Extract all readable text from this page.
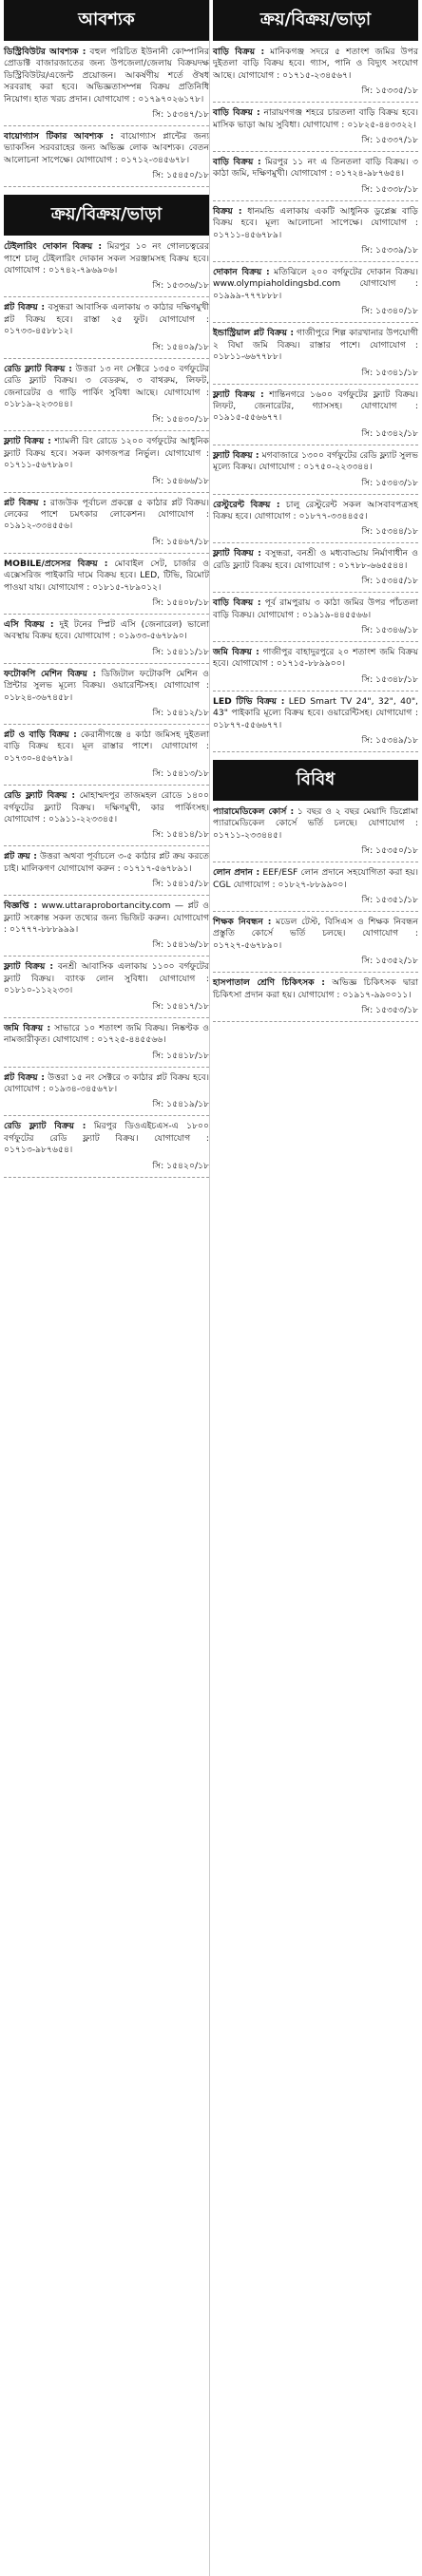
আবশ্যক

ডিস্ট্রিবিউটর আবশ্যক : বহুল পরিচিত ইউনানী কোম্পানির প্রোডাক্ট বাজারজাতের জন্য উপজেলা/জেলায় বিক্রয়দক্ষ ডিস্ট্রিবিউটর/এজেন্ট প্রয়োজন। আকর্ষণীয় শর্তে ঔষধ সরবরাহ করা হবে। অভিজ্ঞতাসম্পন্ন বিক্রয় প্রতিনিধি নিয়োগ। হাত খরচ প্রদান। যোগাযোগ : ০১৭৯৭০২৬১৭৮।

সি: ১৫৩৪৭/১৮

বায়োগ্যাস টিকার আবশ্যক : বায়োগ্যাস প্লান্টের জন্য ভ্যাকসিন সরবরাহের জন্য অভিজ্ঞ লোক আবশ্যক। বেতন আলোচনা সাপেক্ষে। যোগাযোগ : ০১৭১২-৩৪৫৬৭৮।

সি: ১৫৪৫০/১৮
ক্রয়/বিক্রয়/ভাড়া

টেইলারিং দোকান বিক্রয় : মিরপুর ১০ নং গোলচত্বরের পাশে চালু টেইলারিং দোকান সকল সরঞ্জামসহ বিক্রয় হবে। যোগাযোগ : ০১৭৪২-৭৯৬৯০৬।

সি: ১৫৩৩৬/১৮

প্লট বিক্রয় : বসুন্ধরা আবাসিক এলাকায় ৩ কাঠার দক্ষিণমুখী প্লট বিক্রয় হবে। রাস্তা ২৫ ফুট। যোগাযোগ : ০১৭৩৩-৪৫৮৮১২।

সি: ১৫৪০৯/১৮

রেডি ফ্ল্যাট বিক্রয় : উত্তরা ১৩ নং সেক্টরে ১৩৫০ বর্গফুটের রেডি ফ্ল্যাট বিক্রয়। ৩ বেডরুম, ৩ বাথরুম, লিফট, জেনারেটর ও গাড়ি পার্কিং সুবিধা আছে। যোগাযোগ : ০১৮১৯-২২৩৩৪৪।

সি: ১৫৪৩০/১৮

ফ্ল্যাট বিক্রয় : শ্যামলী রিং রোডে ১২০০ বর্গফুটের আধুনিক ফ্ল্যাট বিক্রয় হবে। সকল কাগজপত্র নির্ভুল। যোগাযোগ : ০১৭১১-৫৬৭৮৯০।

সি: ১৫৪৬৬/১৮

প্লট বিক্রয় : রাজউক পূর্বাচল প্রকল্পে ৫ কাঠার প্লট বিক্রয়। লেকের পাশে চমৎকার লোকেশন। যোগাযোগ : ০১৯১২-৩৩৪৫৫৬।

সি: ১৫৪৬৭/১৮

MOBILE/প্রসেসর বিক্রয় : মোবাইল সেট, চার্জার ও এক্সেসরিজ পাইকারি দামে বিক্রয় হবে। LED, টিভি, রিমোট পাওয়া যায়। যোগাযোগ : ০১৮১৫-৭৮৯০১২।

সি: ১৫৪০৮/১৮

এসি বিক্রয় : দুই টনের স্প্লিট এসি (জেনারেল) ভালো অবস্থায় বিক্রয় হবে। যোগাযোগ : ০১৯৩৩-৫৬৭৮৯০।

সি: ১৫৪১১/১৮

ফটোকপি মেশিন বিক্রয় : ডিজিটাল ফটোকপি মেশিন ও প্রিন্টার সুলভ মূল্যে বিক্রয়। ওয়ারেন্টিসহ। যোগাযোগ : ০১৮২৪-৩৬৭৪৫৮।

সি: ১৫৪১২/১৮

প্লট ও বাড়ি বিক্রয় : কেরানীগঞ্জে ৪ কাঠা জমিসহ দুইতলা বাড়ি বিক্রয় হবে। মূল রাস্তার পাশে। যোগাযোগ : ০১৭৩০-৪৫৬৭৮৯।

সি: ১৫৪১৩/১৮

রেডি ফ্ল্যাট বিক্রয় : মোহাম্মদপুর তাজমহল রোডে ১৪০০ বর্গফুটের ফ্ল্যাট বিক্রয়। দক্ষিণমুখী, কার পার্কিংসহ। যোগাযোগ : ০১৯১১-২২৩৩৪৫।

সি: ১৫৪১৪/১৮

প্লট ক্রয় : উত্তরা অথবা পূর্বাচলে ৩-৫ কাঠার প্লট ক্রয় করতে চাই। মালিকগণ যোগাযোগ করুন : ০১৭১৭-৫৬৭৮৯১।

সি: ১৫৪১৫/১৮

বিজ্ঞপ্তি : www.uttaraprobortancity.com — প্লট ও ফ্ল্যাট সংক্রান্ত সকল তথ্যের জন্য ভিজিট করুন। যোগাযোগ : ০১৭৭৭-৮৮৮৯৯৯।

সি: ১৫৪১৬/১৮

ফ্ল্যাট বিক্রয় : বনশ্রী আবাসিক এলাকায় ১১০০ বর্গফুটের ফ্ল্যাট বিক্রয়। ব্যাংক লোন সুবিধা। যোগাযোগ : ০১৮১০-১১২২৩৩।

সি: ১৫৪১৭/১৮

জমি বিক্রয় : সাভারে ১০ শতাংশ জমি বিক্রয়। নিষ্কণ্টক ও নামজারীকৃত। যোগাযোগ : ০১৭২৫-৪৪৫৫৬৬।

সি: ১৫৪১৮/১৮

প্লট বিক্রয় : উত্তরা ১৫ নং সেক্টরে ৩ কাঠার প্লট বিক্রয় হবে। যোগাযোগ : ০১৯৩৪-৩৪৫৬৭৮।

সি: ১৫৪১৯/১৮

রেডি ফ্ল্যাট বিক্রয় : মিরপুর ডিওএইচএস-এ ১৮০০ বর্গফুটের রেডি ফ্ল্যাট বিক্রয়। যোগাযোগ : ০১৭১৩-৯৮৭৬৫৪।

সি: ১৫৪২০/১৮
ক্রয়/বিক্রয়/ভাড়া

বাড়ি বিক্রয় : মানিকগঞ্জ সদরে ৫ শতাংশ জমির উপর দুইতলা বাড়ি বিক্রয় হবে। গ্যাস, পানি ও বিদ্যুৎ সংযোগ আছে। যোগাযোগ : ০১৭১৫-২৩৪৫৬৭।

সি: ১৫৩৩৫/১৮

বাড়ি বিক্রয় : নারায়ণগঞ্জ শহরে চারতলা বাড়ি বিক্রয় হবে। মাসিক ভাড়া আয় সুবিধা। যোগাযোগ : ০১৮২৫-৪৪৩৩২২।

সি: ১৫৩৩৭/১৮

বাড়ি বিক্রয় : মিরপুর ১১ নং এ তিনতলা বাড়ি বিক্রয়। ৩ কাঠা জমি, দক্ষিণমুখী। যোগাযোগ : ০১৭২৪-৯৮৭৬৫৪।

সি: ১৫৩৩৮/১৮

বিক্রয় : ধানমন্ডি এলাকায় একটি আধুনিক ডুপ্লেক্স বাড়ি বিক্রয় হবে। মূল্য আলোচনা সাপেক্ষে। যোগাযোগ : ০১৭১১-৪৫৬৭৮৯।

সি: ১৫৩৩৯/১৮

দোকান বিক্রয় : মতিঝিলে ২০০ বর্গফুটের দোকান বিক্রয়। www.olympiaholdingsbd.com যোগাযোগ : ০১৯৯৯-৭৭৭৮৮৮।

সি: ১৫৩৪০/১৮

ইন্ডাস্ট্রিয়াল প্লট বিক্রয় : গাজীপুরে শিল্প কারখানার উপযোগী ২ বিঘা জমি বিক্রয়। রাস্তার পাশে। যোগাযোগ : ০১৮১১-৬৬৭৭৮৮।

সি: ১৫৩৪১/১৮

ফ্ল্যাট বিক্রয় : শান্তিনগরে ১৬০০ বর্গফুটের ফ্ল্যাট বিক্রয়। লিফট, জেনারেটর, গ্যাসসহ। যোগাযোগ : ০১৯১৫-৫৫৬৬৭৭।

সি: ১৫৩৪২/১৮

ফ্ল্যাট বিক্রয় : মগবাজারে ১৩০০ বর্গফুটের রেডি ফ্ল্যাট সুলভ মূল্যে বিক্রয়। যোগাযোগ : ০১৭৫০-২২৩৩৪৪।

সি: ১৫৩৪৩/১৮

রেস্টুরেন্ট বিক্রয় : চালু রেস্টুরেন্ট সকল আসবাবপত্রসহ বিক্রয় হবে। যোগাযোগ : ০১৮৭৭-৩৩৪৪৫৫।

সি: ১৫৩৪৪/১৮

ফ্ল্যাট বিক্রয় : বসুন্ধরা, বনশ্রী ও মধ্যবাড্ডায় নির্মাণাধীন ও রেডি ফ্ল্যাট বিক্রয় হবে। যোগাযোগ : ০১৭৮৮-৬৬৫৫৪৪।

সি: ১৫৩৪৫/১৮

বাড়ি বিক্রয় : পূর্ব রামপুরায় ৩ কাঠা জমির উপর পাঁচতলা বাড়ি বিক্রয়। যোগাযোগ : ০১৯১৯-৪৪৫৫৬৬।

সি: ১৫৩৪৬/১৮

জমি বিক্রয় : গাজীপুর বাহাদুরপুরে ২০ শতাংশ জমি বিক্রয় হবে। যোগাযোগ : ০১৭১৫-৮৮৯৯০০।

সি: ১৫৩৪৮/১৮

LED টিভি বিক্রয় : LED Smart TV 24", 32", 40", 43" পাইকারি মূল্যে বিক্রয় হবে। ওয়ারেন্টিসহ। যোগাযোগ : ০১৮৭৭-৫৫৬৬৭৭।

সি: ১৫৩৪৯/১৮
বিবিধ

প্যারামেডিকেল কোর্স : ১ বছর ও ২ বছর মেয়াদি ডিপ্লোমা প্যারামেডিকেল কোর্সে ভর্তি চলছে। যোগাযোগ : ০১৭১১-২৩৩৪৪৫।

সি: ১৫৩৫০/১৮

লোন প্রদান : EEF/ESF লোন প্রদানে সহযোগিতা করা হয়। CGL যোগাযোগ : ০১৮২৭-৮৮৯৯০০।

সি: ১৫৩৫১/১৮

শিক্ষক নিবন্ধন : মডেল টেস্ট, বিসিএস ও শিক্ষক নিবন্ধন প্রস্তুতি কোর্সে ভর্তি চলছে। যোগাযোগ : ০১৭২৭-৫৬৭৮৯০।

সি: ১৫৩৫২/১৮

হাসপাতাল শ্রেণি চিকিৎসক : অভিজ্ঞ চিকিৎসক দ্বারা চিকিৎসা প্রদান করা হয়। যোগাযোগ : ০১৯১৭-৯৯০০১১।

সি: ১৫৩৫৩/১৮
